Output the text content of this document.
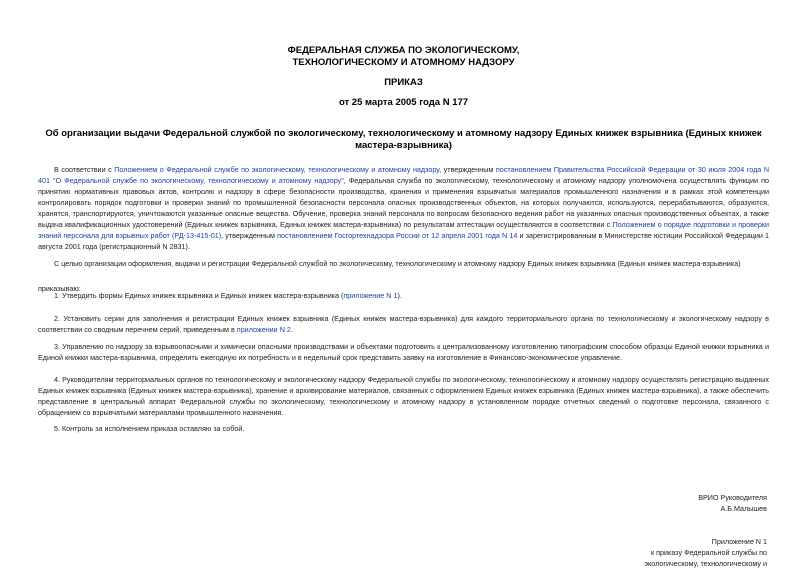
ФЕДЕРАЛЬНАЯ СЛУЖБА ПО ЭКОЛОГИЧЕСКОМУ,
ТЕХНОЛОГИЧЕСКОМУ И АТОМНОМУ НАДЗОРУ
ПРИКАЗ
от 25 марта 2005 года N 177
Об организации выдачи Федеральной службой по экологическому, технологическому и атомному надзору Единых книжек взрывника (Единых книжек мастера-взрывника)

В соответствии с Положением о Федеральной службе по экологическому, технологическому и атомному надзору, утвержденным постановлением Правительства Российской Федерации от 30 июля 2004 года N 401 "О Федеральной службе по экологическому, технологическому и атомному надзору", Федеральная служба по экологическому, технологическому и атомному надзору уполномочена осуществлять функции по принятию нормативных правовых актов, контролю и надзору в сфере безопасности производства, хранения и применения взрывчатых материалов промышленного назначения и в рамках этой компетенции контролировать порядок подготовки и проверки знаний по промышленной безопасности персонала опасных производственных объектов, на которых получаются, используются, перерабатываются, образуются, хранятся, транспортируются, уничтожаются указанные опасные вещества. Обучение, проверка знаний персонала по вопросам безопасного ведения работ на указанных опасных производственных объектах, а также выдача квалификационных удостоверений (Единых книжек взрывника, Единых книжек мастера-взрывника) по результатам аттестации осуществляются в соответствии с Положением о порядке подготовки и проверки знаний персонала для взрывных работ (РД-13-415-01), утвержденным постановлением Госгортехнадзора России от 12 апреля 2001 года N 14 и зарегистрированным в Министерстве юстиции Российской Федерации 1 августа 2001 года (регистрационный N 2831).

С целью организации оформления, выдачи и регистрации Федеральной службой по экологическому, технологическому и атомному надзору Единых книжек взрывника (Единых книжек мастера-взрывника)

приказываю:

1. Утвердить формы Единых книжек взрывника и Единых книжек мастера-взрывника (приложение N 1).

2. Установить серии для заполнения и регистрации Единых книжек взрывника (Единых книжек мастера-взрывника) для каждого территориального органа по технологическому и экологическому надзору в соответствии со сводным перечнем серий, приведенным в приложении N 2.

3. Управлению по надзору за взрывоопасными и химически опасными производствами и объектами подготовить к централизованному изготовлению типографским способом образцы Единой книжки взрывника и Единой книжки мастера-взрывника, определить ежегодную их потребность и в недельный срок представить заявку на изготовление в Финансово-экономическое управление.

4. Руководителям территориальных органов по технологическому и экологическому надзору Федеральной службы по экологическому, технологическому и атомному надзору осуществлять регистрацию выданных Единых книжек взрывника (Единых книжек мастера-взрывника), хранение и архивирование материалов, связанных с оформлением Единых книжек взрывника (Единых книжек мастера-взрывника), а также обеспечить представление в центральный аппарат Федеральной службы по экологическому, технологическому и атомному надзору в установленном порядке отчетных сведений о подготовке персонала, связанного с обращением со взрывчатыми материалами промышленного назначения.

5. Контроль за исполнением приказа оставляю за собой.

ВРИО Руководителя
А.Б.Малышев
Приложение N 1
к приказу Федеральной службы по
экологическому, технологическому и
